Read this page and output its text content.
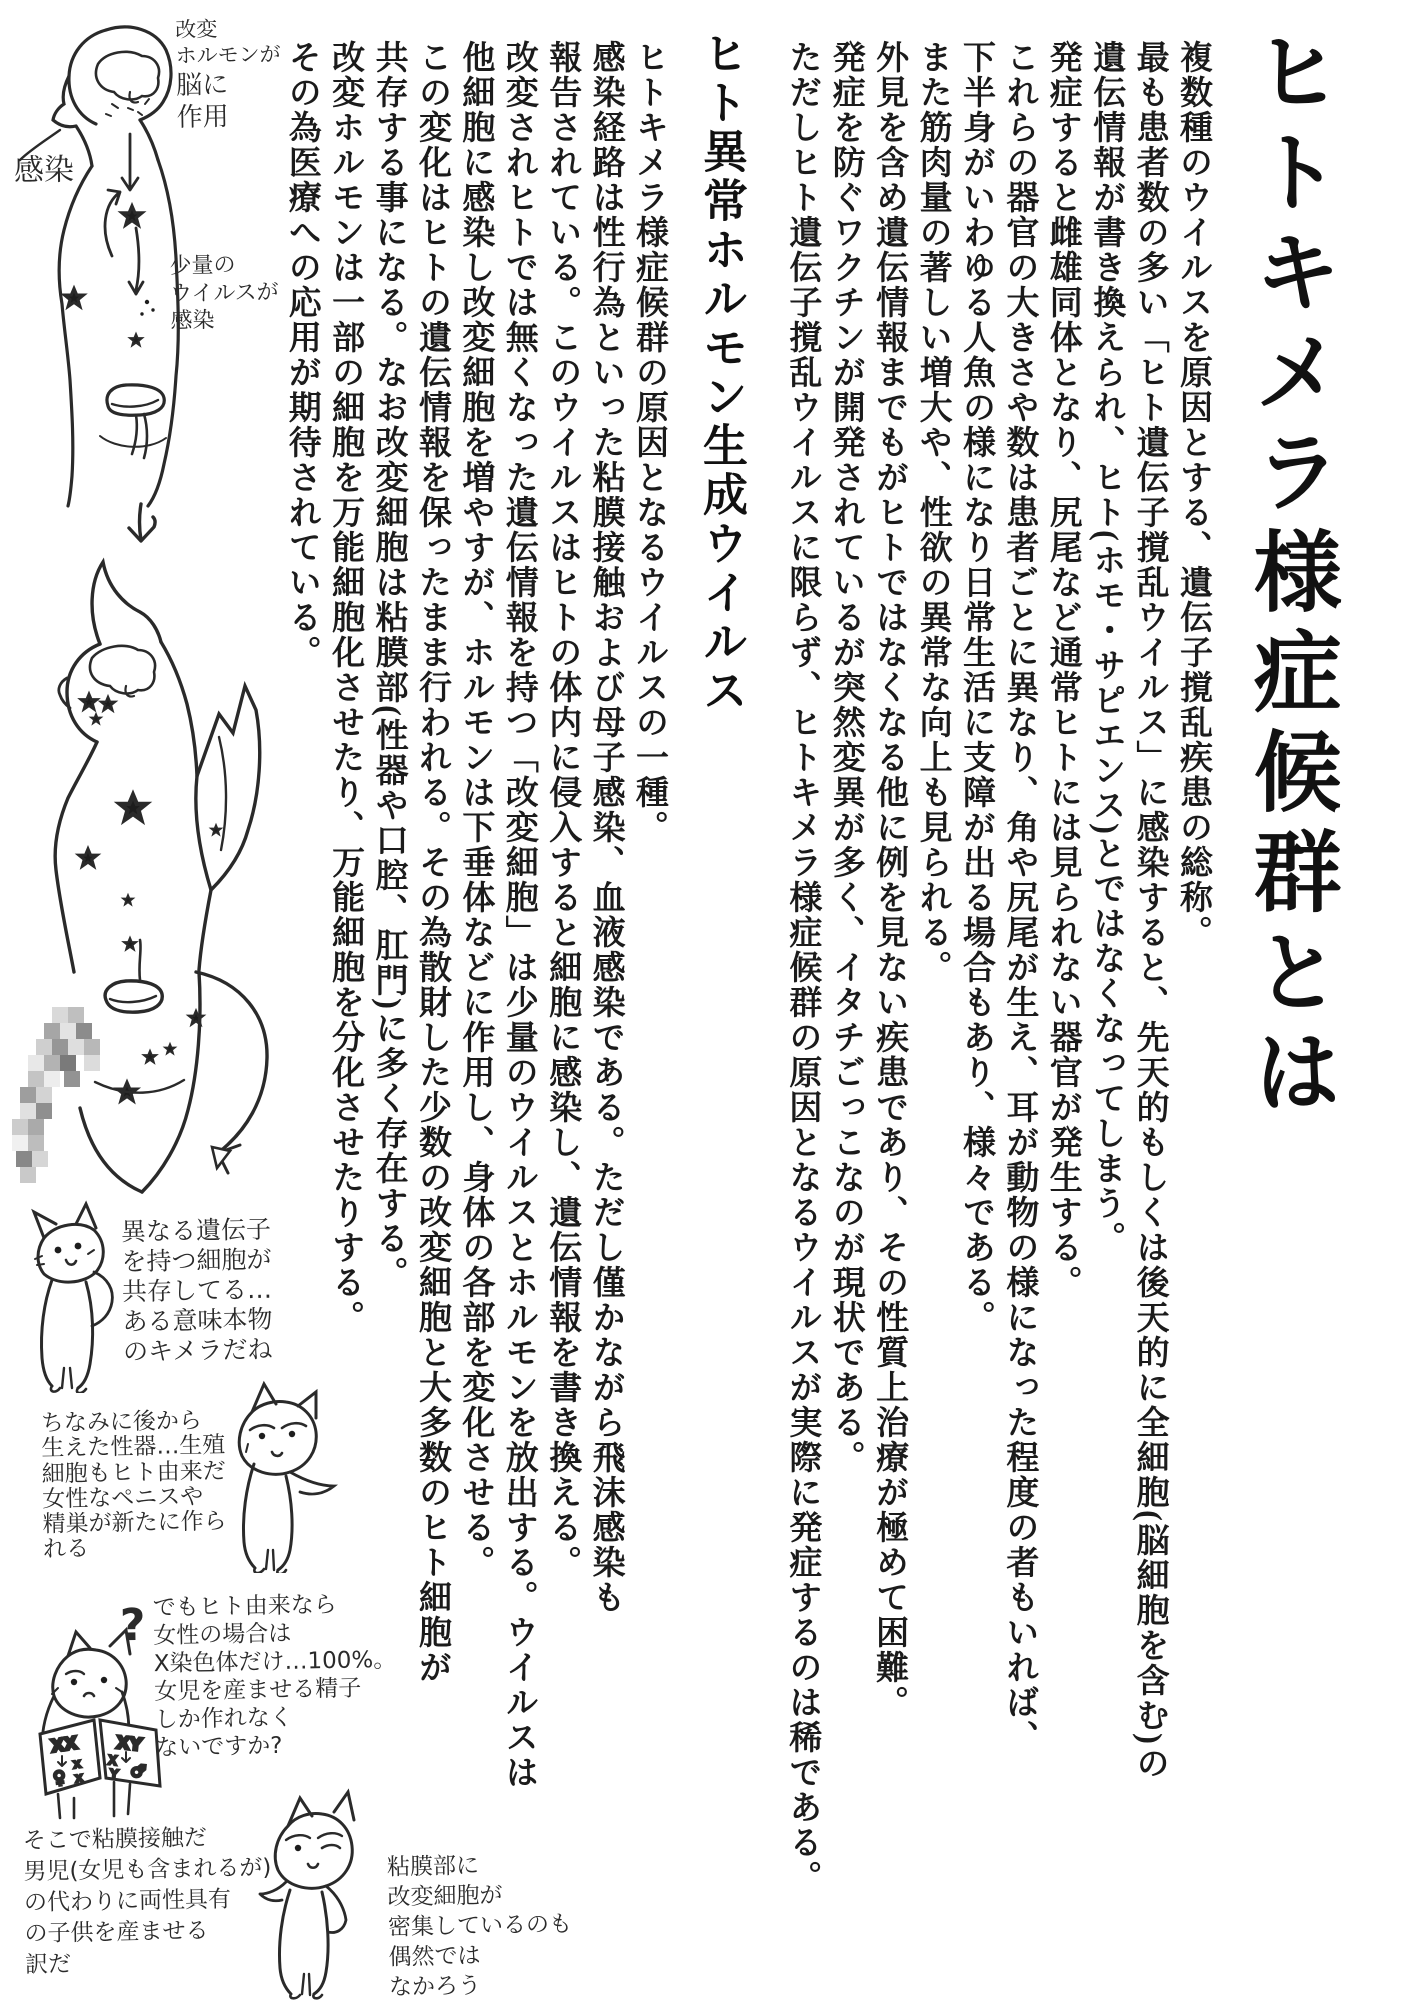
ヒトキメラ様症候群とは

複数種のウイルスを原因とする、遺伝子撹乱疾患の総称。

最も患者数の多い「ヒト遺伝子撹乱ウイルス」に感染すると、先天的もしくは後天的に全細胞(脳細胞を含む)の

遺伝情報が書き換えられ、ヒト(ホモ・サピエンス)とではなくなってしまう。

発症すると雌雄同体となり、尻尾など通常ヒトには見られない器官が発生する。

これらの器官の大きさや数は患者ごとに異なり、角や尻尾が生え、耳が動物の様になった程度の者もいれば、

下半身がいわゆる人魚の様になり日常生活に支障が出る場合もあり、様々である。

また筋肉量の著しい増大や、性欲の異常な向上も見られる。

外見を含め遺伝情報までもがヒトではなくなる他に例を見ない疾患であり、その性質上治療が極めて困難。

発症を防ぐワクチンが開発されているが突然変異が多く、イタチごっこなのが現状である。

ただしヒト遺伝子撹乱ウイルスに限らず、ヒトキメラ様症候群の原因となるウイルスが実際に発症するのは稀である。

ヒト異常ホルモン生成ウイルス

ヒトキメラ様症候群の原因となるウイルスの一種。

感染経路は性行為といった粘膜接触および母子感染、血液感染である。ただし僅かながら飛沫感染も

報告されている。このウイルスはヒトの体内に侵入すると細胞に感染し、遺伝情報を書き換える。

改変されヒトでは無くなった遺伝情報を持つ「改変細胞」は少量のウイルスとホルモンを放出する。ウイルスは

他細胞に感染し改変細胞を増やすが、ホルモンは下垂体などに作用し、身体の各部を変化させる。

この変化はヒトの遺伝情報を保ったまま行われる。その為散財した少数の改変細胞と大多数のヒト細胞が

共存する事になる。なお改変細胞は粘膜部(性器や口腔、肛門)に多く存在する。

改変ホルモンは一部の細胞を万能細胞化させたり、万能細胞を分化させたりする。

その為医療への応用が期待されている。

改変
ホルモンが
脳に
作用
感染
少量の
ウイルスが
感染
異なる遺伝子
を持つ細胞が
共存してる…
ある意味本物
のキメラだね
ちなみに後から
生えた性器…生殖
細胞もヒト由来だ
女性なペニスや
精巣が新たに作ら
れる
?
XX
♀
x
x
XY
♂
X
Y
でもヒト由来なら
女性の場合は
X染色体だけ…100%。
女児を産ませる精子
しか作れなく
ないですか?
そこで粘膜接触だ
男児(女児も含まれるが)
の代わりに両性具有
の子供を産ませる
訳だ
粘膜部に
改変細胞が
密集しているのも
偶然では
なかろう
